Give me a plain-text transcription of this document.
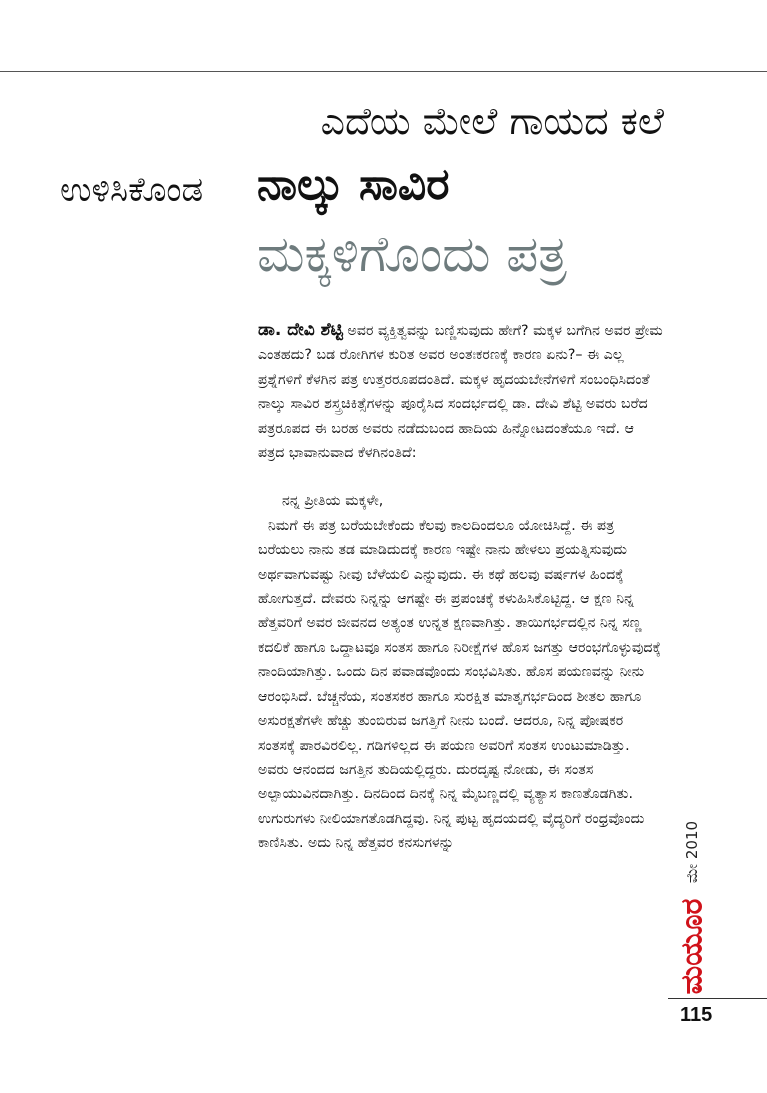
ಎದೆಯ ಮೇಲೆ ಗಾಯದ ಕಲೆ
ಉಳಿಸಿಕೊಂಡ ನಾಲ್ಕು ಸಾವಿರ
ಮಕ್ಕಳಿಗೊಂದು ಪತ್ರ

ಡಾ. ದೇವಿ ಶೆಟ್ಟಿ ಅವರ ವ್ಯಕ್ತಿತ್ವವನ್ನು ಬಣ್ಣಿಸುವುದು ಹೇಗೆ? ಮಕ್ಕಳ ಬಗೆಗಿನ ಅವರ ಪ್ರೇಮ ಎಂತಹದು? ಬಡ ರೋಗಿಗಳ ಕುರಿತ ಅವರ ಅಂತಃಕರಣಕ್ಕೆ ಕಾರಣ ಏನು?– ಈ ಎಲ್ಲ ಪ್ರಶ್ನೆಗಳಿಗೆ ಕೆಳಗಿನ ಪತ್ರ ಉತ್ತರರೂಪದಂತಿದೆ. ಮಕ್ಕಳ ಹೃದಯಬೇನೆಗಳಿಗೆ ಸಂಬಂಧಿಸಿದಂತೆ ನಾಲ್ಕು ಸಾವಿರ ಶಸ್ತ್ರಚಿಕಿತ್ಸೆಗಳನ್ನು ಪೂರೈಸಿದ ಸಂದರ್ಭದಲ್ಲಿ ಡಾ. ದೇವಿ ಶೆಟ್ಟಿ ಅವರು ಬರೆದ ಪತ್ರರೂಪದ ಈ ಬರಹ ಅವರು ನಡೆದುಬಂದ ಹಾದಿಯ ಹಿನ್ನೋಟದಂತೆಯೂ ಇದೆ. ಆ ಪತ್ರದ ಭಾವಾನುವಾದ ಕೆಳಗಿನಂತಿದೆ:

ನನ್ನ ಪ್ರೀತಿಯ ಮಕ್ಕಳೇ,

ನಿಮಗೆ ಈ ಪತ್ರ ಬರೆಯಬೇಕೆಂದು ಕೆಲವು ಕಾಲದಿಂದಲೂ ಯೋಚಿಸಿದ್ದೆ. ಈ ಪತ್ರ ಬರೆಯಲು ನಾನು ತಡ ಮಾಡಿದುದಕ್ಕೆ ಕಾರಣ ಇಷ್ಟೇ ನಾನು ಹೇಳಲು ಪ್ರಯತ್ನಿಸುವುದು ಅರ್ಥವಾಗುವಷ್ಟು ನೀವು ಬೆಳೆಯಲಿ ಎನ್ನುವುದು. ಈ ಕಥೆ ಹಲವು ವರ್ಷಗಳ ಹಿಂದಕ್ಕೆ ಹೋಗುತ್ತದೆ. ದೇವರು ನಿನ್ನನ್ನು ಆಗಷ್ಟೇ ಈ ಪ್ರಪಂಚಕ್ಕೆ ಕಳುಹಿಸಿಕೊಟ್ಟಿದ್ದ. ಆ ಕ್ಷಣ ನಿನ್ನ ಹೆತ್ತವರಿಗೆ ಅವರ ಜೀವನದ ಅತ್ಯಂತ ಉನ್ನತ ಕ್ಷಣವಾಗಿತ್ತು. ತಾಯಿಗರ್ಭದಲ್ಲಿನ ನಿನ್ನ ಸಣ್ಣ ಕದಲಿಕೆ ಹಾಗೂ ಒದ್ದಾಟವೂ ಸಂತಸ ಹಾಗೂ ನಿರೀಕ್ಷೆಗಳ ಹೊಸ ಜಗತ್ತು ಆರಂಭಗೊಳ್ಳುವುದಕ್ಕೆ ನಾಂದಿಯಾಗಿತ್ತು. ಒಂದು ದಿನ ಪವಾಡವೊಂದು ಸಂಭವಿಸಿತು. ಹೊಸ ಪಯಣವನ್ನು ನೀನು ಆರಂಭಿಸಿದೆ. ಬೆಚ್ಚನೆಯ, ಸಂತಸಕರ ಹಾಗೂ ಸುರಕ್ಷಿತ ಮಾತೃಗರ್ಭದಿಂದ ಶೀತಲ ಹಾಗೂ ಅಸುರಕ್ಷತೆಗಳೇ ಹೆಚ್ಚು ತುಂಬಿರುವ ಜಗತ್ತಿಗೆ ನೀನು ಬಂದೆ. ಆದರೂ, ನಿನ್ನ ಪೋಷಕರ ಸಂತಸಕ್ಕೆ ಪಾರವಿರಲಿಲ್ಲ. ಗಡಿಗಳಿಲ್ಲದ ಈ ಪಯಣ ಅವರಿಗೆ ಸಂತಸ ಉಂಟುಮಾಡಿತ್ತು. ಅವರು ಆನಂದದ ಜಗತ್ತಿನ ತುದಿಯಲ್ಲಿದ್ದರು. ದುರದೃಷ್ಟ ನೋಡು, ಈ ಸಂತಸ ಅಲ್ಪಾಯುವಿನದಾಗಿತ್ತು. ದಿನದಿಂದ ದಿನಕ್ಕೆ ನಿನ್ನ ಮೈಬಣ್ಣದಲ್ಲಿ ವ್ಯತ್ಯಾಸ ಕಾಣತೊಡಗಿತು. ಉಗುರುಗಳು ನೀಲಿಯಾಗತೊಡಗಿದ್ದವು. ನಿನ್ನ ಪುಟ್ಟ ಹೃದಯದಲ್ಲಿ ವೈದ್ಯರಿಗೆ ರಂಧ್ರವೊಂದು ಕಾಣಿಸಿತು. ಅದು ನಿನ್ನ ಹೆತ್ತವರ ಕನಸುಗಳನ್ನು	ಮೇ 2010
ಮಯೂರ
115
